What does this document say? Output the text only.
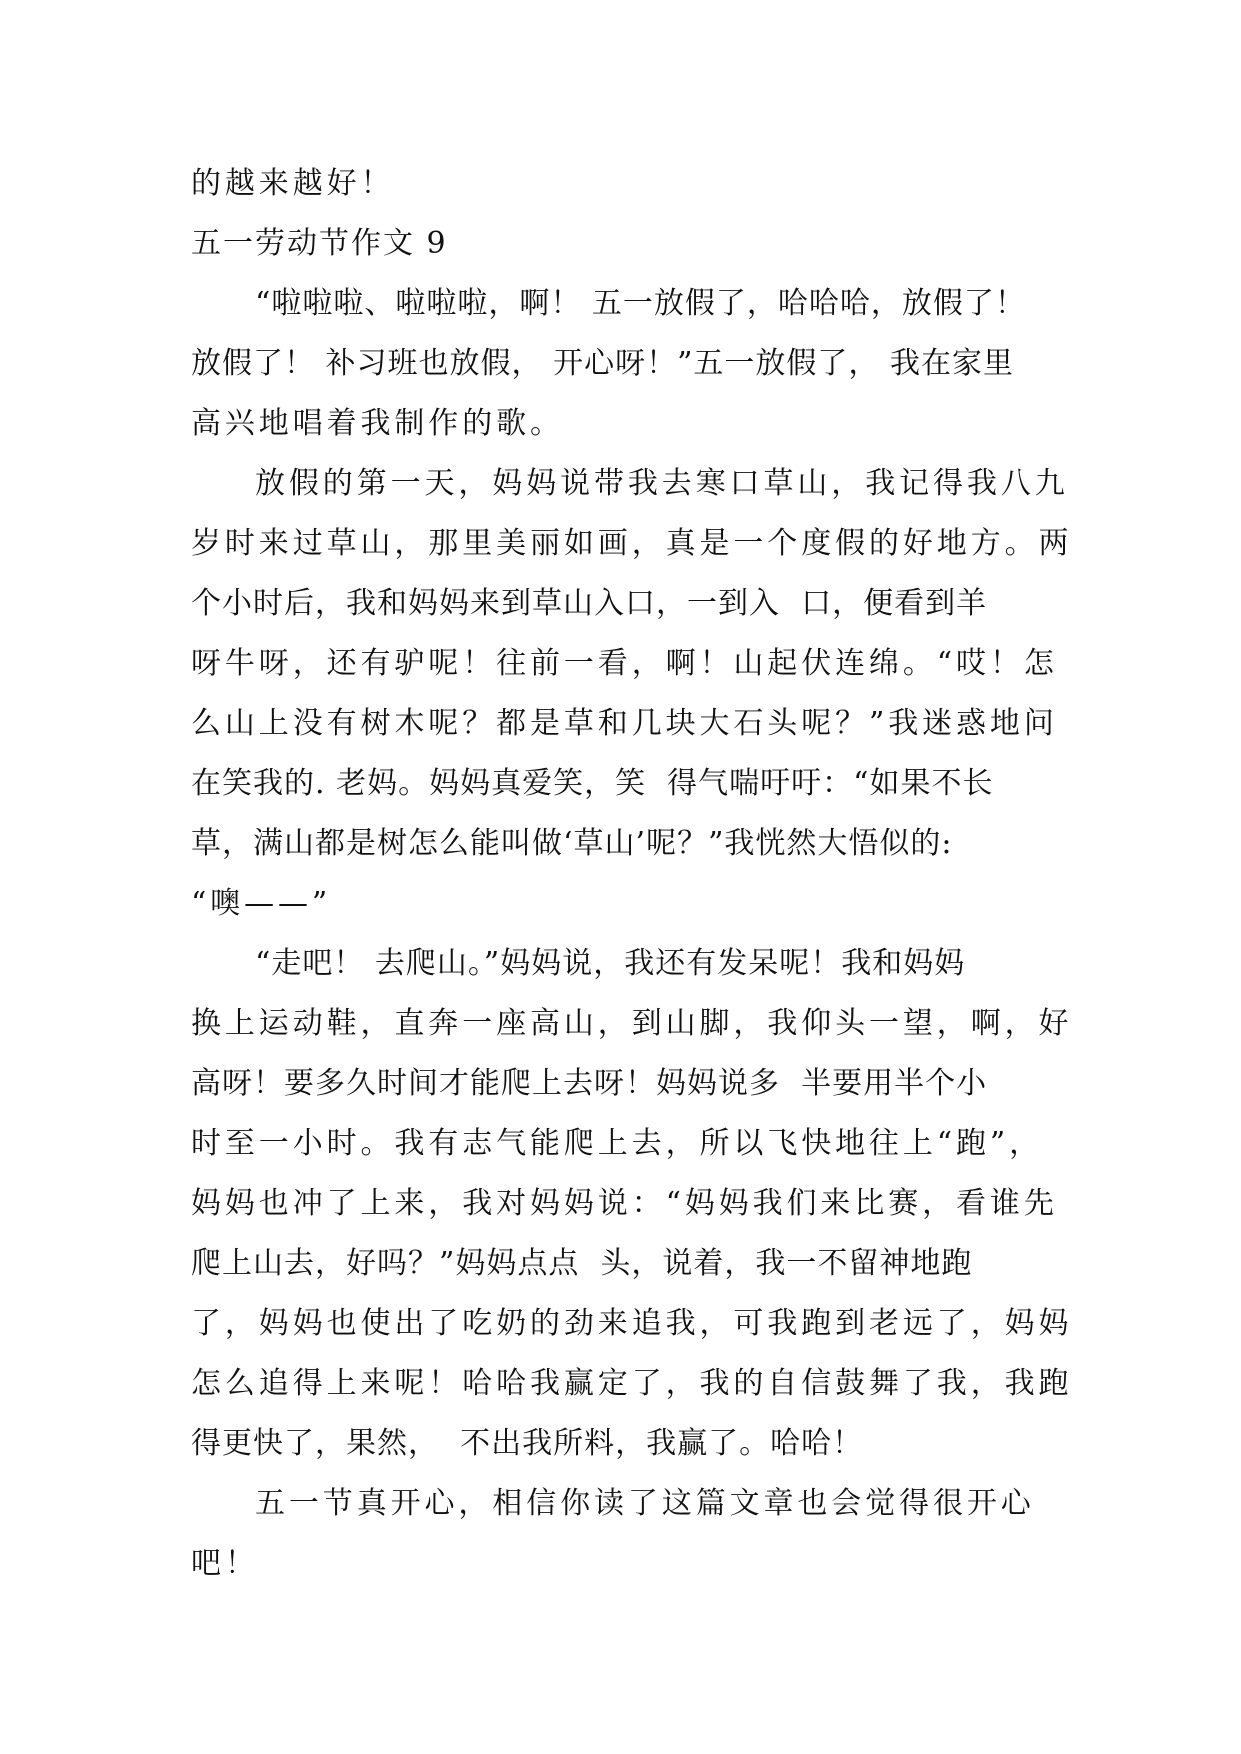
的越来越好！
五一劳动节作文 9
“啦啦啦、啦啦啦，啊！ 五一放假了，哈哈哈，放假了！
放假了！ 补习班也放假， 开心呀！”五一放假了， 我在家里
高兴地唱着我制作的歌。
放假的第一天，妈妈说带我去寒口草山，我记得我八九
岁时来过草山，那里美丽如画，真是一个度假的好地方。两
个小时后，我和妈妈来到草山入口，一到入  口，便看到羊
呀牛呀，还有驴呢！往前一看，啊！山起伏连绵。“哎！怎
么山上没有树木呢？都是草和几块大石头呢？”我迷惑地问
在笑我的. 老妈。妈妈真爱笑，笑  得气喘吁吁：“如果不长
草，满山都是树怎么能叫做‘草山’呢？”我恍然大悟似的:
“噢——”
“走吧！ 去爬山。”妈妈说，我还有发呆呢！我和妈妈
换上运动鞋，直奔一座高山，到山脚，我仰头一望，啊，好
高呀！要多久时间才能爬上去呀！妈妈说多  半要用半个小
时至一小时。我有志气能爬上去，所以飞快地往上“跑”，
妈妈也冲了上来，我对妈妈说：“妈妈我们来比赛，看谁先
爬上山去，好吗？”妈妈点点  头，说着，我一不留神地跑
了，妈妈也使出了吃奶的劲来追我，可我跑到老远了，妈妈
怎么追得上来呢！哈哈我赢定了，我的自信鼓舞了我，我跑
得更快了，果然，  不出我所料，我赢了。哈哈！
五一节真开心，相信你读了这篇文章也会觉得很开心
吧！
